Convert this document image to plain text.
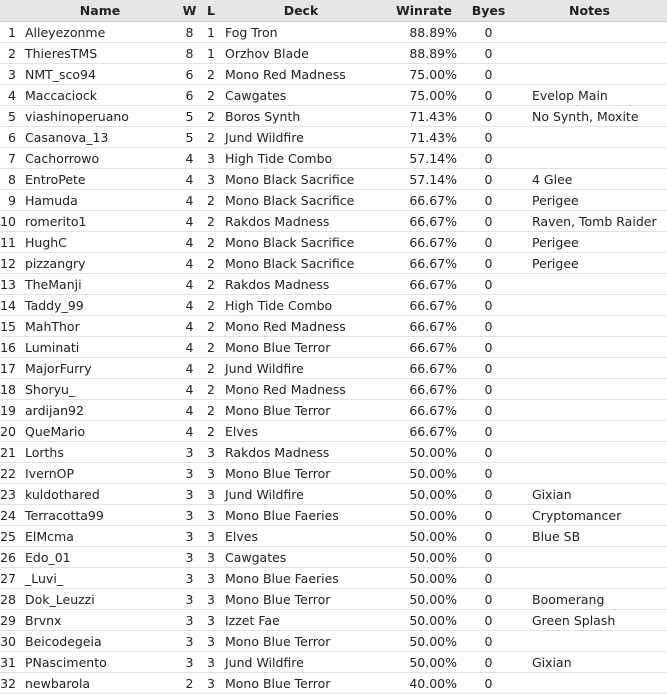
	Name	W	L	Deck	Winrate	Byes	Notes
1	Alleyezonme	8	1	Fog Tron	88.89%	0	
2	ThieresTMS	8	1	Orzhov Blade	88.89%	0	
3	NMT_sco94	6	2	Mono Red Madness	75.00%	0	
4	Maccaciock	6	2	Cawgates	75.00%	0	Evelop Main
5	viashinoperuano	5	2	Boros Synth	71.43%	0	No Synth, Moxite
6	Casanova_13	5	2	Jund Wildfire	71.43%	0	
7	Cachorrowo	4	3	High Tide Combo	57.14%	0	
8	EntroPete	4	3	Mono Black Sacrifice	57.14%	0	4 Glee
9	Hamuda	4	2	Mono Black Sacrifice	66.67%	0	Perigee
10	romerito1	4	2	Rakdos Madness	66.67%	0	Raven, Tomb Raider
11	HughC	4	2	Mono Black Sacrifice	66.67%	0	Perigee
12	pizzangry	4	2	Mono Black Sacrifice	66.67%	0	Perigee
13	TheManji	4	2	Rakdos Madness	66.67%	0	
14	Taddy_99	4	2	High Tide Combo	66.67%	0	
15	MahThor	4	2	Mono Red Madness	66.67%	0	
16	Luminati	4	2	Mono Blue Terror	66.67%	0	
17	MajorFurry	4	2	Jund Wildfire	66.67%	0	
18	Shoryu_	4	2	Mono Red Madness	66.67%	0	
19	ardijan92	4	2	Mono Blue Terror	66.67%	0	
20	QueMario	4	2	Elves	66.67%	0	
21	Lorths	3	3	Rakdos Madness	50.00%	0	
22	IvernOP	3	3	Mono Blue Terror	50.00%	0	
23	kuldothared	3	3	Jund Wildfire	50.00%	0	Gixian
24	Terracotta99	3	3	Mono Blue Faeries	50.00%	0	Cryptomancer
25	ElMcma	3	3	Elves	50.00%	0	Blue SB
26	Edo_01	3	3	Cawgates	50.00%	0	
27	_Luvi_	3	3	Mono Blue Faeries	50.00%	0	
28	Dok_Leuzzi	3	3	Mono Blue Terror	50.00%	0	Boomerang
29	Brvnx	3	3	Izzet Fae	50.00%	0	Green Splash
30	Beicodegeia	3	3	Mono Blue Terror	50.00%	0	
31	PNascimento	3	3	Jund Wildfire	50.00%	0	Gixian
32	newbarola	2	3	Mono Blue Terror	40.00%	0	
